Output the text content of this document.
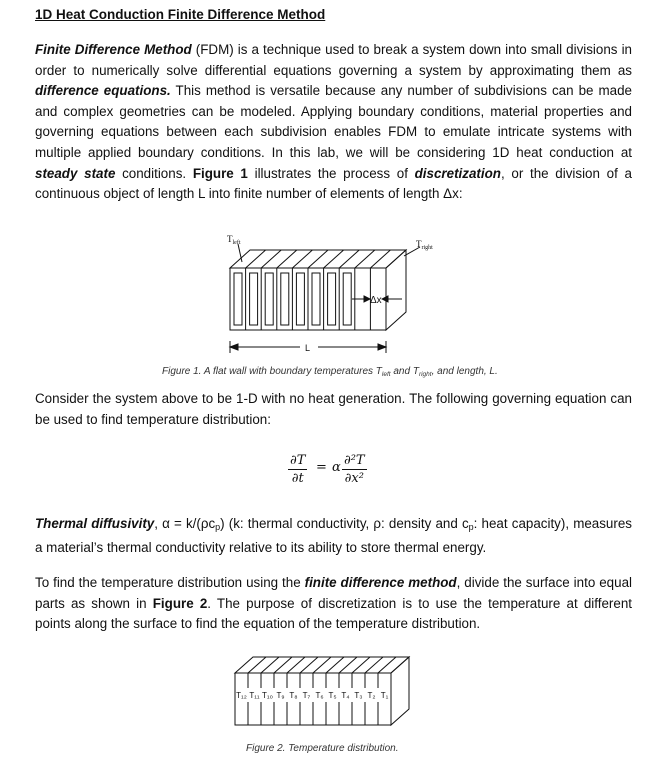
1D Heat Conduction Finite Difference Method
Finite Difference Method (FDM) is a technique used to break a system down into small divisions in order to numerically solve differential equations governing a system by approximating them as difference equations. This method is versatile because any number of subdivisions can be made and complex geometries can be modeled. Applying boundary conditions, material properties and governing equations between each subdivision enables FDM to emulate intricate systems with multiple applied boundary conditions. In this lab, we will be considering 1D heat conduction at steady state conditions. Figure 1 illustrates the process of discretization, or the division of a continuous object of length L into finite number of elements of length Δx:
$T_{left}$	$T_{right}$
Δx
L
Figure 1. A flat wall with boundary temperatures $T_{left}$ and $T_{right}$, and length, L.
Consider the system above to be 1-D with no heat generation. The following governing equation can be used to find temperature distribution:
$\frac{\partial T}{\partial t} = \alpha \frac{\text{∂²T}}{\text{∂x²}}$
Thermal diffusivity, α = k/(ρcp) (k: thermal conductivity, ρ: density and cp: heat capacity), measures a material’s thermal conductivity relative to its ability to store thermal energy.
To find the temperature distribution using the finite difference method, divide the surface into equal parts as shown in Figure 2. The purpose of discretization is to use the temperature at different points along the surface to find the equation of the temperature distribution.
T₁₂ T₁₁ T₁₀ T₉ T₈ T₇ T₆ T₅ T₄ T₃ T₂ T₁
Figure 2. Temperature distribution.
